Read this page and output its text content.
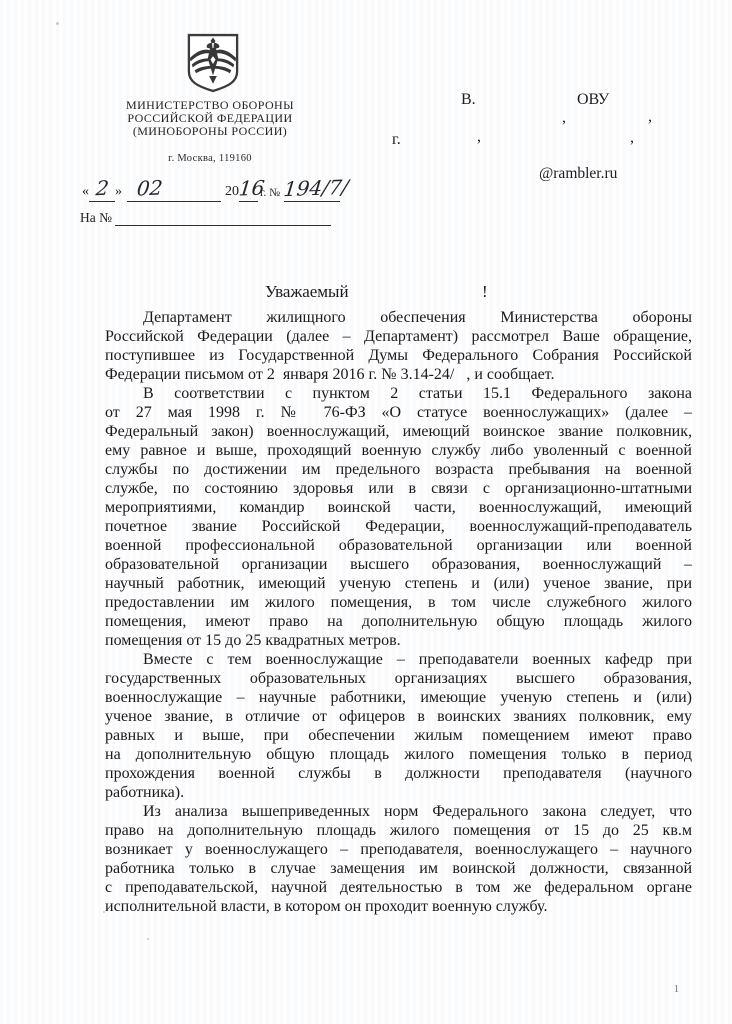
МИНИСТЕРСТВО ОБОРОНЫ
РОССИЙСКОЙ ФЕДЕРАЦИИ
(МИНОБОРОНЫ РОССИИ)
г. Москва, 119160
« 2 » 02	2016г. № 194/7/
На №
В.	ОВУ
,	,
г.	,	,
@rambler.ru
Уважаемый	!
Департамент жилищного обеспечения Министерства обороны
Российской Федерации (далее – Департамент) рассмотрел Ваше обращение,
поступившее из Государственной Думы Федерального Собрания Российской
Федерации письмом от 2  января 2016 г. № 3.14-24/   , и сообщает.
В соответствии с пунктом 2 статьи 15.1 Федерального закона
от 27 мая 1998 г. № 76-ФЗ «О статусе военнослужащих» (далее –
Федеральный закон) военнослужащий, имеющий воинское звание полковник,
ему равное и выше, проходящий военную службу либо уволенный с военной
службы по достижении им предельного возраста пребывания на военной
службе, по состоянию здоровья или в связи с организационно-штатными
мероприятиями, командир воинской части, военнослужащий, имеющий
почетное звание Российской Федерации, военнослужащий-преподаватель
военной профессиональной образовательной организации или военной
образовательной организации высшего образования, военнослужащий –
научный работник, имеющий ученую степень и (или) ученое звание, при
предоставлении им жилого помещения, в том числе служебного жилого
помещения, имеют право на дополнительную общую площадь жилого
помещения от 15 до 25 квадратных метров.
Вместе с тем военнослужащие – преподаватели военных кафедр при
государственных образовательных организациях высшего образования,
военнослужащие – научные работники, имеющие ученую степень и (или)
ученое звание, в отличие от офицеров в воинских званиях полковник, ему
равных и выше, при обеспечении жилым помещением имеют право
на дополнительную общую площадь жилого помещения только в период
прохождения военной службы в должности преподавателя (научного
работника).
Из анализа вышеприведенных норм Федерального закона следует, что
право на дополнительную площадь жилого помещения от 15 до 25 кв.м
возникает у военнослужащего – преподавателя, военнослужащего – научного
работника только в случае замещения им воинской должности, связанной
с преподавательской, научной деятельностью в том же федеральном органе
исполнительной власти, в котором он проходит военную службу.
1
